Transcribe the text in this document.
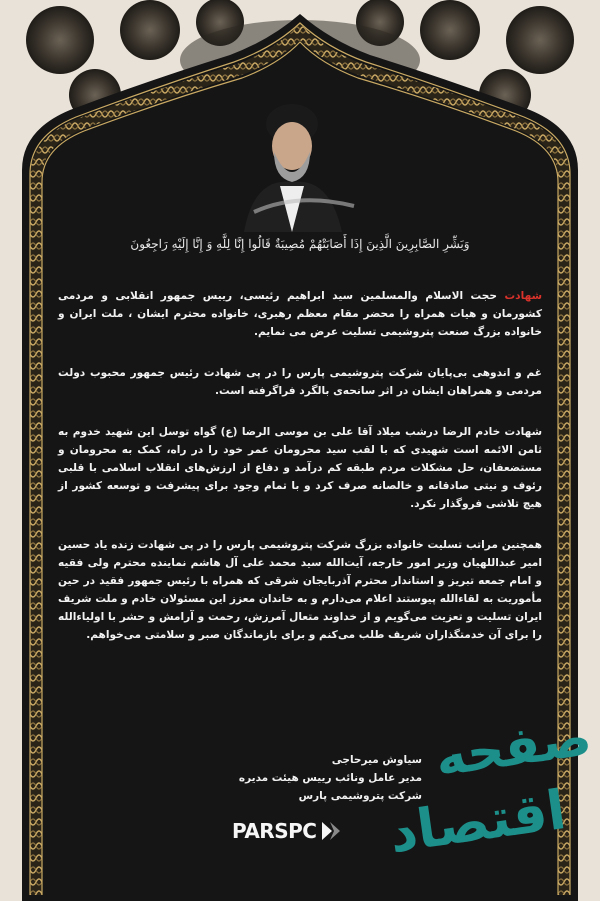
وَبَشِّرِ الصَّابِرِینَ الَّذِینَ إِذَا أَصَابَتْهُمْ مُصِیبَةٌ قَالُوا إِنَّا لِلَّهِ وَ إِنَّا إِلَیْهِ رَاجِعُونَ

شهادت حجت الاسلام والمسلمین سید ابراهیم رئیسی، رییس جمهور انقلابی و مردمی کشورمان و هیات همراه را محضر مقام معظم رهبری، خانواده محترم ایشان ، ملت ایران و خانواده بزرگ صنعت پتروشیمی تسلیت عرض می نمایم.

غم و اندوهی بی‌پایان شرکت پتروشیمی پارس را در پی شهادت رئیس جمهور محبوب دولت مردمی و همراهان ایشان در اثر سانحه‌ی بالگرد فراگرفته است.

شهادت خادم الرضا درشب میلاد آقا علی بن موسی الرضا (ع) گواه توسل این شهید خدوم به ثامن الائمه است شهیدی که با لقب سید محرومان عمر خود را در راه، کمک به محرومان و مستضعفان، حل مشکلات مردم طبقه کم درآمد و دفاع از ارزش‌های انقلاب اسلامی با قلبی رئوف و نیتی صادقانه و خالصانه صرف کرد و با تمام وجود برای پیشرفت و توسعه کشور از هیچ تلاشی فروگذار نکرد.

همچنین مراتب تسلیت خانواده بزرگ شرکت پتروشیمی پارس را در پی شهادت زنده یاد حسین امیر عبداللهیان وزیر امور خارجه، آیت‌الله سید محمد علی آل هاشم نماینده محترم ولی فقیه و امام جمعه تبریز و استاندار محترم آذربایجان شرقی که همراه با رئیس جمهور فقید در حین مأموریت به لقاءالله پیوستند اعلام می‌دارم و به خاندان معزز این مسئولان خادم و ملت شریف ایران تسلیت و تعزیت می‌گویم و از خداوند متعال آمرزش، رحمت و آرامش و حشر با اولیاءالله را برای آن خدمتگذاران شریف طلب می‌کنم و برای بازماندگان صبر و سلامتی می‌خواهم.

سیاوش میرحاجی
مدیر عامل ونائب رییس هیئت مدیره
شرکت پتروشیمی پارس
PARSPC
صفحه
اقتصاد
